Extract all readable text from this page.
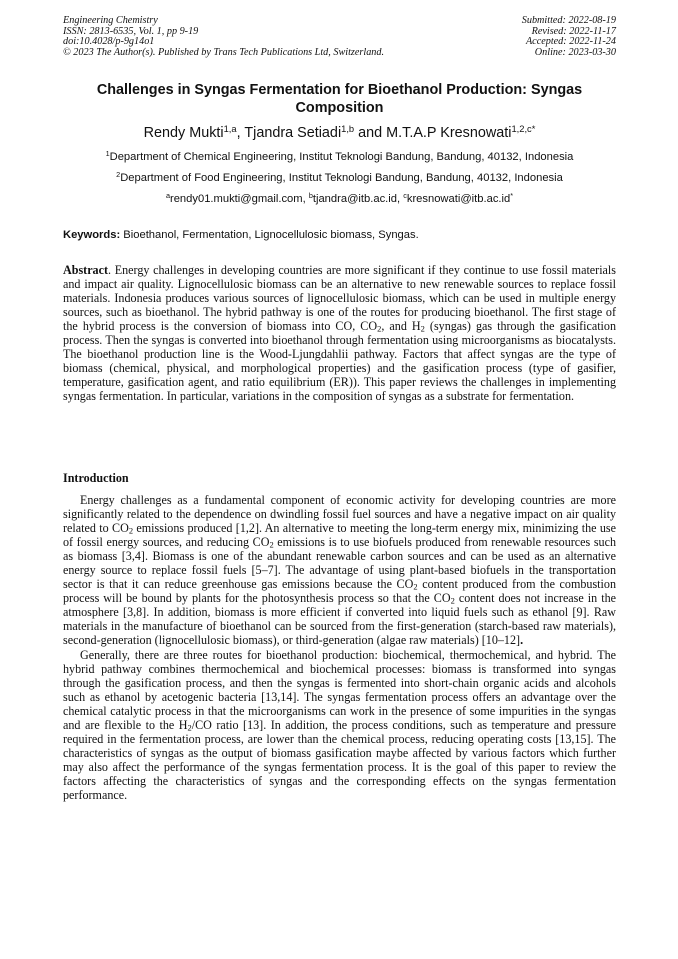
Engineering Chemistry
ISSN: 2813-6535, Vol. 1, pp 9-19
doi:10.4028/p-9g14o1
© 2023 The Author(s). Published by Trans Tech Publications Ltd, Switzerland.
Submitted: 2022-08-19
Revised: 2022-11-17
Accepted: 2022-11-24
Online: 2023-03-30
Challenges in Syngas Fermentation for Bioethanol Production: Syngas Composition
Rendy Mukti$^{1,a}$, Tjandra Setiadi$^{1,b}$ and M.T.A.P Kresnowati$^{1,2,c*}$
$^1$Department of Chemical Engineering, Institut Teknologi Bandung, Bandung, 40132, Indonesia
$^2$Department of Food Engineering, Institut Teknologi Bandung, Bandung, 40132, Indonesia
$^a$rendy01.mukti@gmail.com, $^b$tjandra@itb.ac.id, $^c$kresnowati@itb.ac.id*
Keywords: Bioethanol, Fermentation, Lignocellulosic biomass, Syngas.

Abstract. Energy challenges in developing countries are more significant if they continue to use fossil materials and impact air quality. Lignocellulosic biomass can be an alternative to new renewable sources to replace fossil materials. Indonesia produces various sources of lignocellulosic biomass, which can be used in multiple energy sources, such as bioethanol. The hybrid pathway is one of the routes for producing bioethanol. The first stage of the hybrid process is the conversion of biomass into CO, $CO_2$, and $H_2$ (syngas) gas through the gasification process. Then the syngas is converted into bioethanol through fermentation using microorganisms as biocatalysts. The bioethanol production line is the Wood-Ljungdahlii pathway. Factors that affect syngas are the type of biomass (chemical, physical, and morphological properties) and the gasification process (type of gasifier, temperature, gasification agent, and ratio equilibrium (ER)). This paper reviews the challenges in implementing syngas fermentation. In particular, variations in the composition of syngas as a substrate for fermentation.

Introduction

Energy challenges as a fundamental component of economic activity for developing countries are more significantly related to the dependence on dwindling fossil fuel sources and have a negative impact on air quality related to $CO_2$ emissions produced [1,2]. An alternative to meeting the long-term energy mix, minimizing the use of fossil energy sources, and reducing $CO_2$ emissions is to use biofuels produced from renewable resources such as biomass [3,4]. Biomass is one of the abundant renewable carbon sources and can be used as an alternative energy source to replace fossil fuels [5–7]. The advantage of using plant-based biofuels in the transportation sector is that it can reduce greenhouse gas emissions because the $CO_2$ content produced from the combustion process will be bound by plants for the photosynthesis process so that the $CO_2$ content does not increase in the atmosphere [3,8]. In addition, biomass is more efficient if converted into liquid fuels such as ethanol [9]. Raw materials in the manufacture of bioethanol can be sourced from the first-generation (starch-based raw materials), second-generation (lignocellulosic biomass), or third-generation (algae raw materials) [10–12].

Generally, there are three routes for bioethanol production: biochemical, thermochemical, and hybrid. The hybrid pathway combines thermochemical and biochemical processes: biomass is transformed into syngas through the gasification process, and then the syngas is fermented into short-chain organic acids and alcohols such as ethanol by acetogenic bacteria [13,14]. The syngas fermentation process offers an advantage over the chemical catalytic process in that the microorganisms can work in the presence of some impurities in the syngas and are flexible to the $H_2/CO$ ratio [13]. In addition, the process conditions, such as temperature and pressure required in the fermentation process, are lower than the chemical process, reducing operating costs [13,15]. The characteristics of syngas as the output of biomass gasification maybe affected by various factors which further may also affect the performance of the syngas fermentation process. It is the goal of this paper to review the factors affecting the characteristics of syngas and the corresponding effects on the syngas fermentation performance.
